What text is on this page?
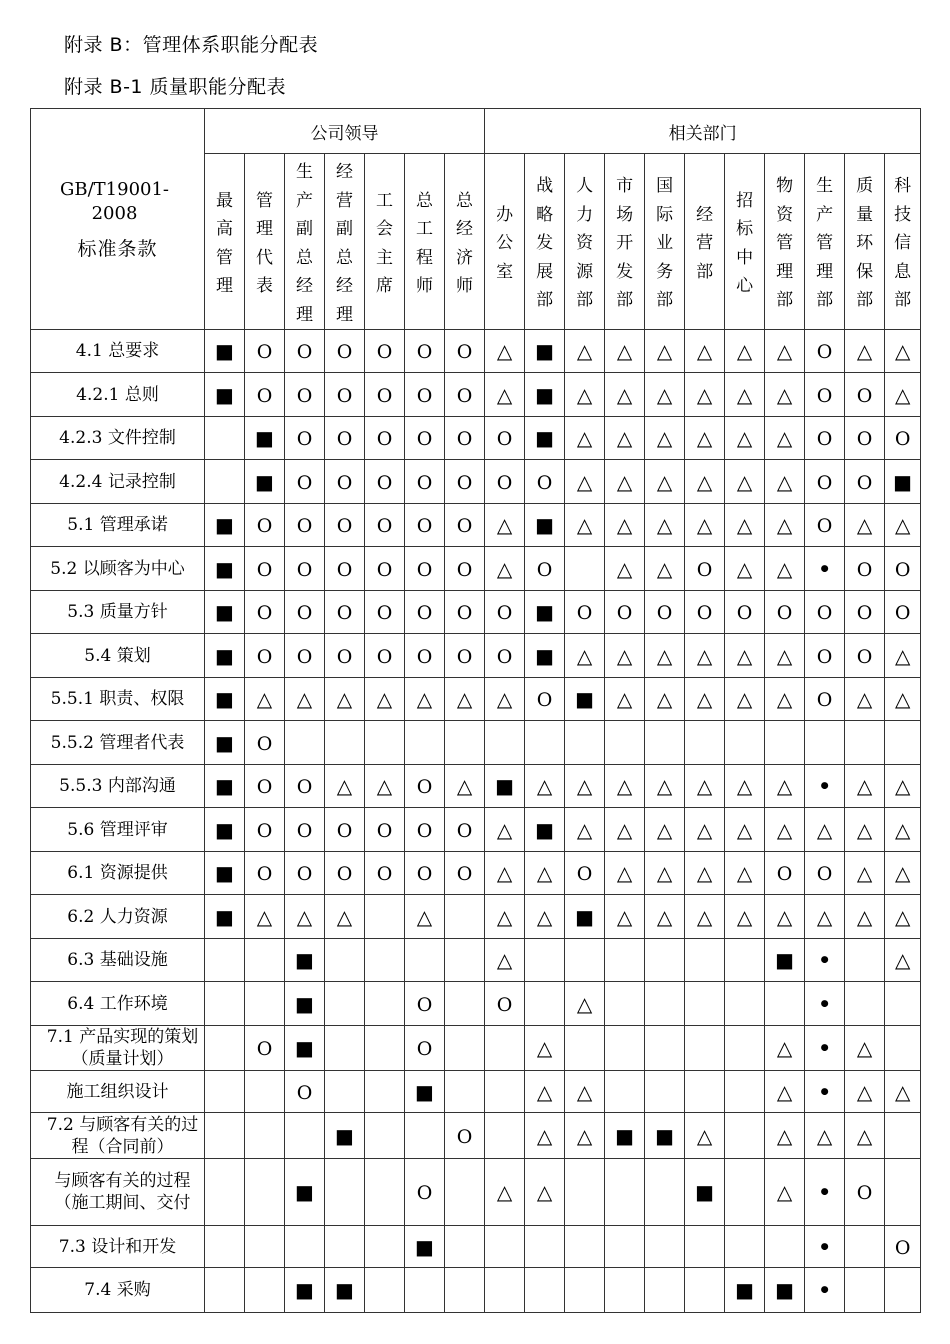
附录 B：管理体系职能分配表
附录 B-1 质量职能分配表
GB/T19001-2008
标准条款	公司领导							相关部门										

	最高管理	管理 代表	生产副总经理	经营副总经理	工会主席	总工程师	总经济师	办公室	战略发展部	人力资源部	市场开发部	国际业务部	经营部	招标中心	物资管理部	生产管理部	质量环保部	科技信息部

4.1 总要求	■	O	O	O	O	O	O	△	■	△	△	△	△	△	△	O	△	△
4.2.1 总则	■	O	O	O	O	O	O	△	■	△	△	△	△	△	△	O	O	△
4.2.3 文件控制		■	O	O	O	O	O	O	■	△	△	△	△	△	△	O	O	O
4.2.4 记录控制		■	O	O	O	O	O	O	O	△	△	△	△	△	△	O	O	■
5.1 管理承诺	■	O	O	O	O	O	O	△	■	△	△	△	△	△	△	O	△	△
5.2 以顾客为中心	■	O	O	O	O	O	O	△	O		△	△	O	△	△	•	O	O
5.3 质量方针	■	O	O	O	O	O	O	O	■	O	O	O	O	O	O	O	O	O
5.4 策划	■	O	O	O	O	O	O	O	■	△	△	△	△	△	△	O	O	△
5.5.1 职责、权限	■	△	△	△	△	△	△	△	O	■	△	△	△	△	△	O	△	△
5.5.2 管理者代表	■	O																
5.5.3 内部沟通	■	O	O	△	△	O	△	■	△	△	△	△	△	△	△	•	△	△
5.6 管理评审	■	O	O	O	O	O	O	△	■	△	△	△	△	△	△	△	△	△
6.1 资源提供	■	O	O	O	O	O	O	△	△	O	△	△	△	△	O	O	△	△
6.2 人力资源	■	△	△	△		△		△	△	■	△	△	△	△	△	△	△	△
6.3 基础设施			■					△							■	•		△
6.4 工作环境			■			O		O		△						•		
7.1 产品实现的策划（质量计划）		O	■			O			△						△	•	△	
施工组织设计			O			■			△	△					△	•	△	△
7.2 与顾客有关的过程（合同前）				■			O		△	△	■	■	△		△	△	△	
与顾客有关的过程（施工期间、交付			■			O		△	△				■		△	•	O	
7.3 设计和开发						■										•		O
7.4 采购			■	■										■	■	•		
